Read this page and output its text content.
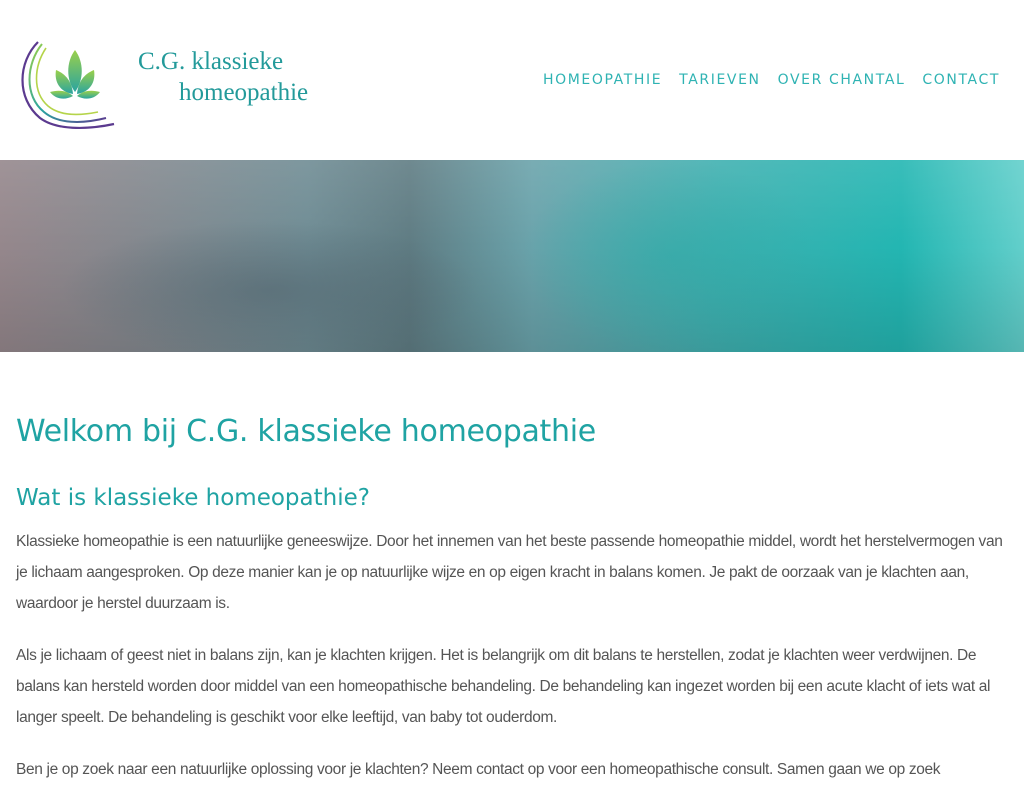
C.G. klassieke
homeopathie	HOMEOPATHIE TARIEVEN OVER CHANTAL CONTACT
Welkom bij C.G. klassieke homeopathie
Wat is klassieke homeopathie?

Klassieke homeopathie is een natuurlijke geneeswijze. Door het innemen van het beste passende homeopathie middel, wordt het herstelvermogen van je lichaam aangesproken. Op deze manier kan je op natuurlijke wijze en op eigen kracht in balans komen. Je pakt de oorzaak van je klachten aan, waardoor je herstel duurzaam is.

Als je lichaam of geest niet in balans zijn, kan je klachten krijgen. Het is belangrijk om dit balans te herstellen, zodat je klachten weer verdwijnen. De balans kan hersteld worden door middel van een homeopathische behandeling. De behandeling kan ingezet worden bij een acute klacht of iets wat al langer speelt. De behandeling is geschikt voor elke leeftijd, van baby tot ouderdom.

Ben je op zoek naar een natuurlijke oplossing voor je klachten? Neem contact op voor een homeopathische consult. Samen gaan we op zoek
